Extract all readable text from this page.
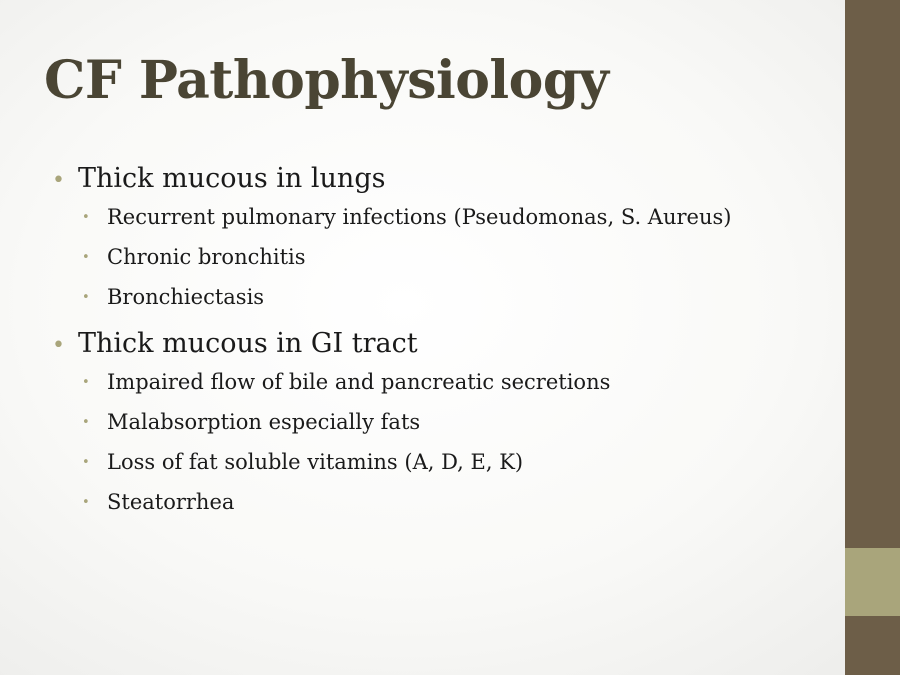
CF Pathophysiology
• Thick mucous in lungs
• Recurrent pulmonary infections (Pseudomonas, S. Aureus)
• Chronic bronchitis
• Bronchiectasis
• Thick mucous in GI tract
• Impaired flow of bile and pancreatic secretions
• Malabsorption especially fats
• Loss of fat soluble vitamins (A, D, E, K)
• Steatorrhea
